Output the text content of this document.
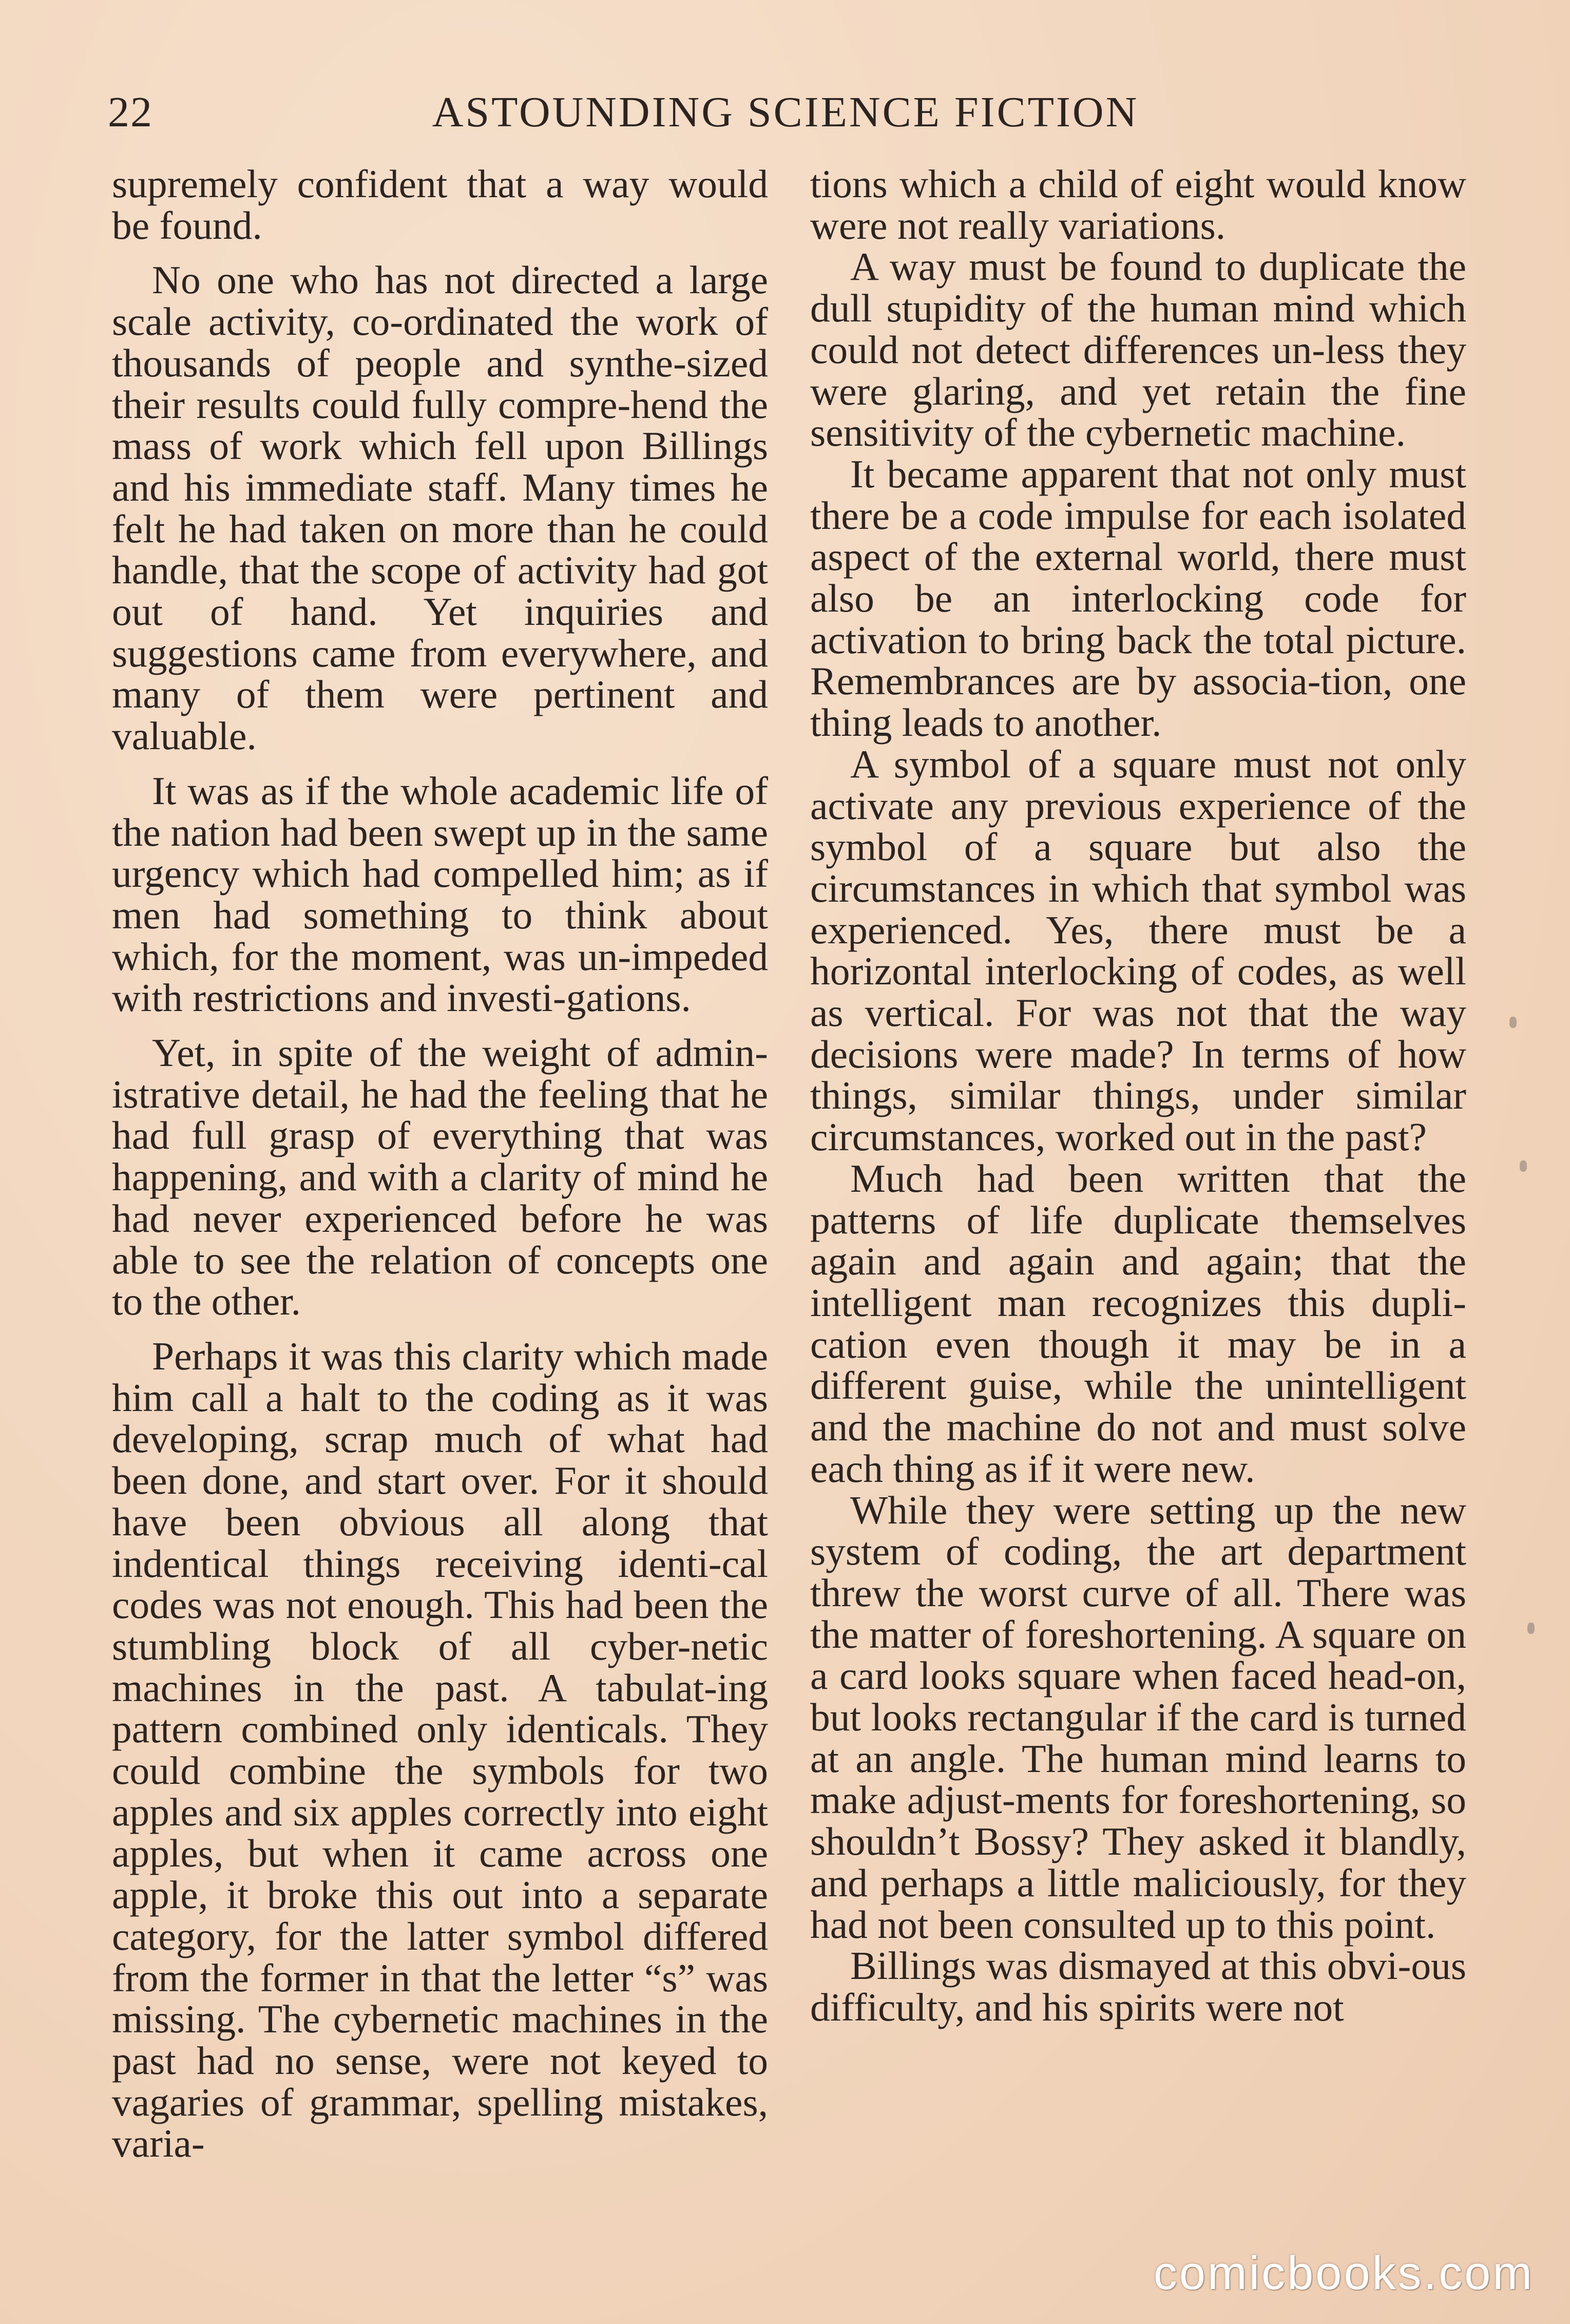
22	ASTOUNDING SCIENCE FICTION

supremely confident that a way would be found.

No one who has not directed a large scale activity, co-ordinated the work of thousands of people and synthe-sized their results could fully compre-hend the mass of work which fell upon Billings and his immediate staff. Many times he felt he had taken on more than he could handle, that the scope of activity had got out of hand. Yet inquiries and suggestions came from everywhere, and many of them were pertinent and valuable.

It was as if the whole academic life of the nation had been swept up in the same urgency which had compelled him; as if men had something to think about which, for the moment, was un-impeded with restrictions and investi-gations.

Yet, in spite of the weight of admin-istrative detail, he had the feeling that he had full grasp of everything that was happening, and with a clarity of mind he had never experienced before he was able to see the relation of concepts one to the other.

Perhaps it was this clarity which made him call a halt to the coding as it was developing, scrap much of what had been done, and start over. For it should have been obvious all along that indentical things receiving identi-cal codes was not enough. This had been the stumbling block of all cyber-netic machines in the past. A tabulat-ing pattern combined only identicals. They could combine the symbols for two apples and six apples correctly into eight apples, but when it came across one apple, it broke this out into a separate category, for the latter symbol differed from the former in that the letter “s” was missing. The cybernetic machines in the past had no sense, were not keyed to vagaries of grammar, spelling mistakes, varia-

tions which a child of eight would know were not really variations.

A way must be found to duplicate the dull stupidity of the human mind which could not detect differences un-less they were glaring, and yet retain the fine sensitivity of the cybernetic machine.

It became apparent that not only must there be a code impulse for each isolated aspect of the external world, there must also be an interlocking code for activation to bring back the total picture. Remembrances are by associa-tion, one thing leads to another.

A symbol of a square must not only activate any previous experience of the symbol of a square but also the circumstances in which that symbol was experienced. Yes, there must be a horizontal interlocking of codes, as well as vertical. For was not that the way decisions were made? In terms of how things, similar things, under similar circumstances, worked out in the past?

Much had been written that the patterns of life duplicate themselves again and again and again; that the intelligent man recognizes this dupli-cation even though it may be in a different guise, while the unintelligent and the machine do not and must solve each thing as if it were new.

While they were setting up the new system of coding, the art department threw the worst curve of all. There was the matter of foreshortening. A square on a card looks square when faced head-on, but looks rectangular if the card is turned at an angle. The human mind learns to make adjust-ments for foreshortening, so shouldn’t Bossy? They asked it blandly, and perhaps a little maliciously, for they had not been consulted up to this point.

Billings was dismayed at this obvi-ous difficulty, and his spirits were not

comicbooks.com
